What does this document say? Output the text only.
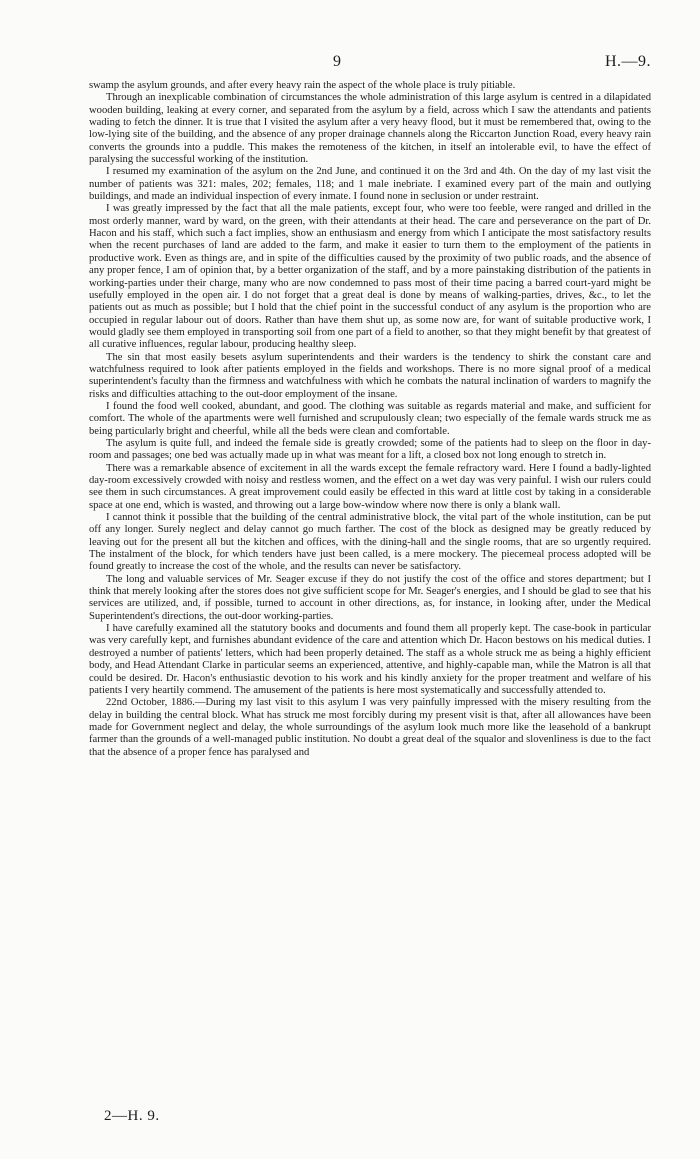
9	H.—9.

swamp the asylum grounds, and after every heavy rain the aspect of the whole place is truly pitiable.

Through an inexplicable combination of circumstances the whole administration of this large asylum is centred in a dilapidated wooden building, leaking at every corner, and separated from the asylum by a field, across which I saw the attendants and patients wading to fetch the dinner. It is true that I visited the asylum after a very heavy flood, but it must be remembered that, owing to the low-lying site of the building, and the absence of any proper drainage channels along the Riccarton Junction Road, every heavy rain converts the grounds into a puddle. This makes the remoteness of the kitchen, in itself an intolerable evil, to have the effect of paralysing the successful working of the institution.

I resumed my examination of the asylum on the 2nd June, and continued it on the 3rd and 4th. On the day of my last visit the number of patients was 321: males, 202; females, 118; and 1 male inebriate. I examined every part of the main and outlying buildings, and made an individual inspection of every inmate. I found none in seclusion or under restraint.

I was greatly impressed by the fact that all the male patients, except four, who were too feeble, were ranged and drilled in the most orderly manner, ward by ward, on the green, with their attendants at their head. The care and perseverance on the part of Dr. Hacon and his staff, which such a fact implies, show an enthusiasm and energy from which I anticipate the most satisfactory results when the recent purchases of land are added to the farm, and make it easier to turn them to the employment of the patients in productive work. Even as things are, and in spite of the difficulties caused by the proximity of two public roads, and the absence of any proper fence, I am of opinion that, by a better organization of the staff, and by a more painstaking distribution of the patients in working-parties under their charge, many who are now condemned to pass most of their time pacing a barred court-yard might be usefully employed in the open air. I do not forget that a great deal is done by means of walking-parties, drives, &c., to let the patients out as much as possible; but I hold that the chief point in the successful conduct of any asylum is the proportion who are occupied in regular labour out of doors. Rather than have them shut up, as some now are, for want of suitable productive work, I would gladly see them employed in transporting soil from one part of a field to another, so that they might benefit by that greatest of all curative influences, regular labour, producing healthy sleep.

The sin that most easily besets asylum superintendents and their warders is the tendency to shirk the constant care and watchfulness required to look after patients employed in the fields and workshops. There is no more signal proof of a medical superintendent's faculty than the firmness and watchfulness with which he combats the natural inclination of warders to magnify the risks and difficulties attaching to the out-door employment of the insane.

I found the food well cooked, abundant, and good. The clothing was suitable as regards material and make, and sufficient for comfort. The whole of the apartments were well furnished and scrupulously clean; two especially of the female wards struck me as being particularly bright and cheerful, while all the beds were clean and comfortable.

The asylum is quite full, and indeed the female side is greatly crowded; some of the patients had to sleep on the floor in day-room and passages; one bed was actually made up in what was meant for a lift, a closed box not long enough to stretch in.

There was a remarkable absence of excitement in all the wards except the female refractory ward. Here I found a badly-lighted day-room excessively crowded with noisy and restless women, and the effect on a wet day was very painful. I wish our rulers could see them in such circumstances. A great improvement could easily be effected in this ward at little cost by taking in a considerable space at one end, which is wasted, and throwing out a large bow-window where now there is only a blank wall.

I cannot think it possible that the building of the central administrative block, the vital part of the whole institution, can be put off any longer. Surely neglect and delay cannot go much farther. The cost of the block as designed may be greatly reduced by leaving out for the present all but the kitchen and offices, with the dining-hall and the single rooms, that are so urgently required. The instalment of the block, for which tenders have just been called, is a mere mockery. The piecemeal process adopted will be found greatly to increase the cost of the whole, and the results can never be satisfactory.

The long and valuable services of Mr. Seager excuse if they do not justify the cost of the office and stores department; but I think that merely looking after the stores does not give sufficient scope for Mr. Seager's energies, and I should be glad to see that his services are utilized, and, if possible, turned to account in other directions, as, for instance, in looking after, under the Medical Superintendent's directions, the out-door working-parties.

I have carefully examined all the statutory books and documents and found them all properly kept. The case-book in particular was very carefully kept, and furnishes abundant evidence of the care and attention which Dr. Hacon bestows on his medical duties. I destroyed a number of patients' letters, which had been properly detained. The staff as a whole struck me as being a highly efficient body, and Head Attendant Clarke in particular seems an experienced, attentive, and highly-capable man, while the Matron is all that could be desired. Dr. Hacon's enthusiastic devotion to his work and his kindly anxiety for the proper treatment and welfare of his patients I very heartily commend. The amusement of the patients is here most systematically and successfully attended to.

22nd October, 1886.—During my last visit to this asylum I was very painfully impressed with the misery resulting from the delay in building the central block. What has struck me most forcibly during my present visit is that, after all allowances have been made for Government neglect and delay, the whole surroundings of the asylum look much more like the leasehold of a bankrupt farmer than the grounds of a well-managed public institution. No doubt a great deal of the squalor and slovenliness is due to the fact that the absence of a proper fence has paralysed and

2—H. 9.
